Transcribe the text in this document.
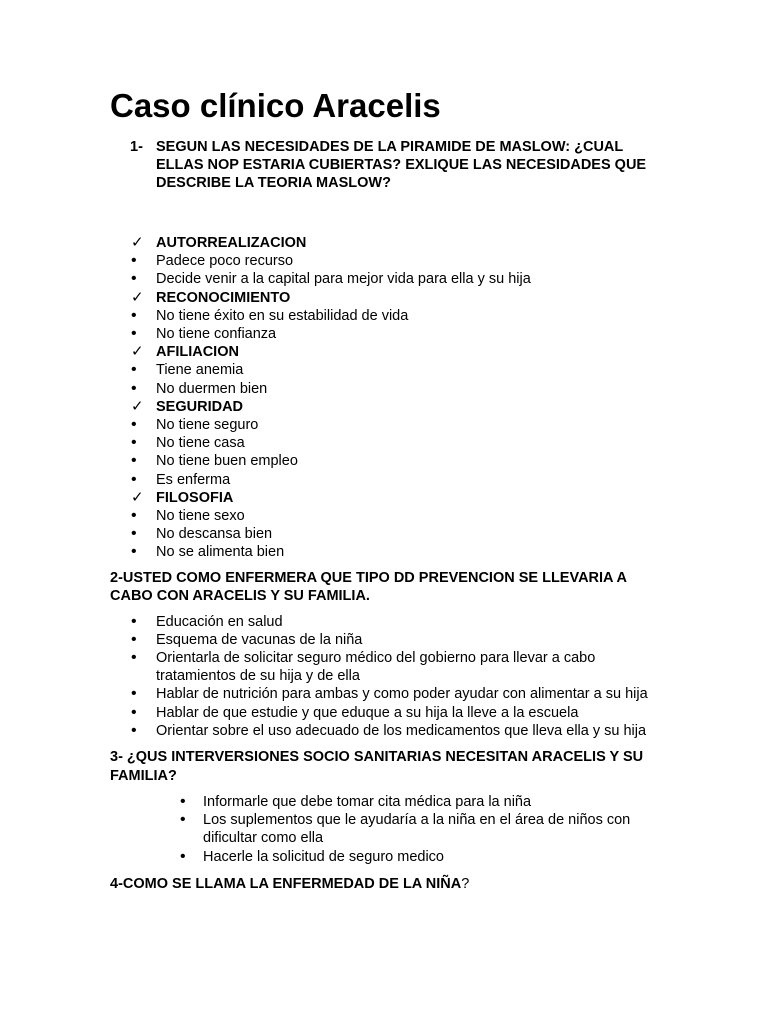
Caso clínico Aracelis
1- SEGUN LAS NECESIDADES DE LA PIRAMIDE DE MASLOW: ¿CUAL ELLAS NOP ESTARIA CUBIERTAS? EXLIQUE LAS NECESIDADES QUE DESCRIBE LA TEORIA MASLOW?
✓ AUTORREALIZACION
•	Padece poco recurso
•	Decide venir a la capital para mejor vida para ella y su hija
✓ RECONOCIMIENTO
•	No tiene éxito en su estabilidad de vida
•	No tiene confianza
✓ AFILIACION
•	Tiene anemia
•	No duermen bien
✓ SEGURIDAD
•	No tiene seguro
•	No tiene casa
•	No tiene buen empleo
•	Es enferma
✓ FILOSOFIA
•	No tiene sexo
•	No descansa bien
•	No se alimenta bien
2-USTED COMO ENFERMERA QUE TIPO DD PREVENCION SE LLEVARIA A CABO CON ARACELIS Y SU FAMILIA.
•	Educación en salud
•	Esquema de vacunas de la niña
•	Orientarla de solicitar seguro médico del gobierno para llevar a cabo tratamientos de su hija y de ella
•	Hablar de nutrición para ambas y como poder ayudar con alimentar a su hija
•	Hablar de que estudie y que eduque a su hija la lleve a la escuela
•	Orientar sobre el uso adecuado de los medicamentos que lleva ella y su hija
3- ¿QUS INTERVERSIONES SOCIO SANITARIAS NECESITAN ARACELIS Y SU FAMILIA?
•	Informarle que debe tomar cita médica para la niña
•	Los suplementos que le ayudaría a la niña en el área de niños con dificultar como ella
•	Hacerle la solicitud de seguro medico
4-COMO SE LLAMA LA ENFERMEDAD DE LA NIÑA?
